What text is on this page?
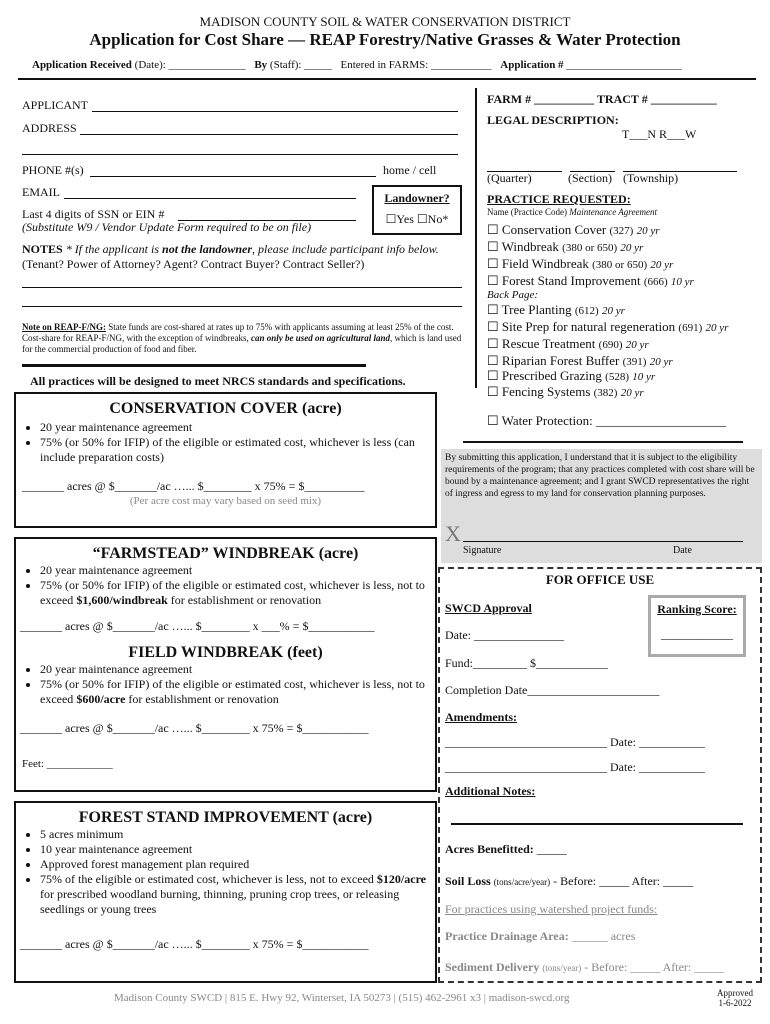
MADISON COUNTY SOIL & WATER CONSERVATION DISTRICT
Application for Cost Share — REAP Forestry/Native Grasses & Water Protection
Application Received (Date): ______________ By (Staff): _____ Entered in FARMS: ___________ Application # _____________________
APPLICANT
ADDRESS
PHONE #(s)	home / cell
EMAIL
Last 4 digits of SSN or EIN #
(Substitute W9 / Vendor Update Form required to be on file)
Landowner?
☐Yes ☐No*
NOTES * If the applicant is not the landowner, please include participant info below.
(Tenant? Power of Attorney? Agent? Contract Buyer? Contract Seller?)
Note on REAP-F/NG: State funds are cost-shared at rates up to 75% with applicants assuming at least 25% of the cost. Cost-share for REAP-F/NG, with the exception of windbreaks, can only be used on agricultural land, which is land used for the commercial production of food and fiber.
All practices will be designed to meet NRCS standards and specifications.
FARM # __________ TRACT # ___________
LEGAL DESCRIPTION:
T___N R___W
(Quarter)	(Section) (Township)
PRACTICE REQUESTED:
Name (Practice Code) Maintenance Agreement
☐ Conservation Cover (327) 20 yr
☐ Windbreak (380 or 650) 20 yr
☐ Field Windbreak (380 or 650) 20 yr
☐ Forest Stand Improvement (666) 10 yr
Back Page:
☐ Tree Planting (612) 20 yr
☐ Site Prep for natural regeneration (691) 20 yr
☐ Rescue Treatment (690) 20 yr
☐ Riparian Forest Buffer (391) 20 yr
☐ Prescribed Grazing (528) 10 yr
☐ Fencing Systems (382) 20 yr
☐ Water Protection: ____________________
By submitting this application, I understand that it is subject to the eligibility requirements of the program; that any practices completed with cost share will be bound by a maintenance agreement; and I grant SWCD representatives the right of ingress and egress to my land for conservation planning purposes.
X
Signature	Date
FOR OFFICE USE
SWCD Approval	Ranking Score:
____________
Date: _______________
Fund:_________ $____________
Completion Date______________________
Amendments:
___________________________ Date: ___________
___________________________ Date: ___________
Additional Notes:
Acres Benefitted: _____
Soil Loss (tons/acre/year) - Before: _____ After: _____
For practices using watershed project funds:
Practice Drainage Area: ______ acres
Sediment Delivery (tons/year) - Before: _____ After: _____
CONSERVATION COVER (acre)
• 20 year maintenance agreement
• 75% (or 50% for IFIP) of the eligible or estimated cost, whichever is less (can include preparation costs)
_______ acres @ $_______/ac …... $________ x 75% = $__________
(Per acre cost may vary based on seed mix)
“FARMSTEAD” WINDBREAK (acre)
• 20 year maintenance agreement
• 75% (or 50% for IFIP) of the eligible or estimated cost, whichever is less, not to exceed $1,600/windbreak for establishment or renovation
_______ acres @ $_______/ac …... $________ x ___% = $___________
FIELD WINDBREAK (feet)
• 20 year maintenance agreement
• 75% (or 50% for IFIP) of the eligible or estimated cost, whichever is less, not to exceed $600/acre for establishment or renovation
_______ acres @ $_______/ac …... $________ x 75% = $___________
Feet: ____________
FOREST STAND IMPROVEMENT (acre)
• 5 acres minimum
• 10 year maintenance agreement
• Approved forest management plan required
• 75% of the eligible or estimated cost, whichever is less, not to exceed $120/acre for prescribed woodland burning, thinning, pruning crop trees, or releasing seedlings or young trees
_______ acres @ $_______/ac …... $________ x 75% = $___________
Madison County SWCD | 815 E. Hwy 92, Winterset, IA 50273 | (515) 462-2961 x3 | madison-swcd.org	Approved
1-6-2022
